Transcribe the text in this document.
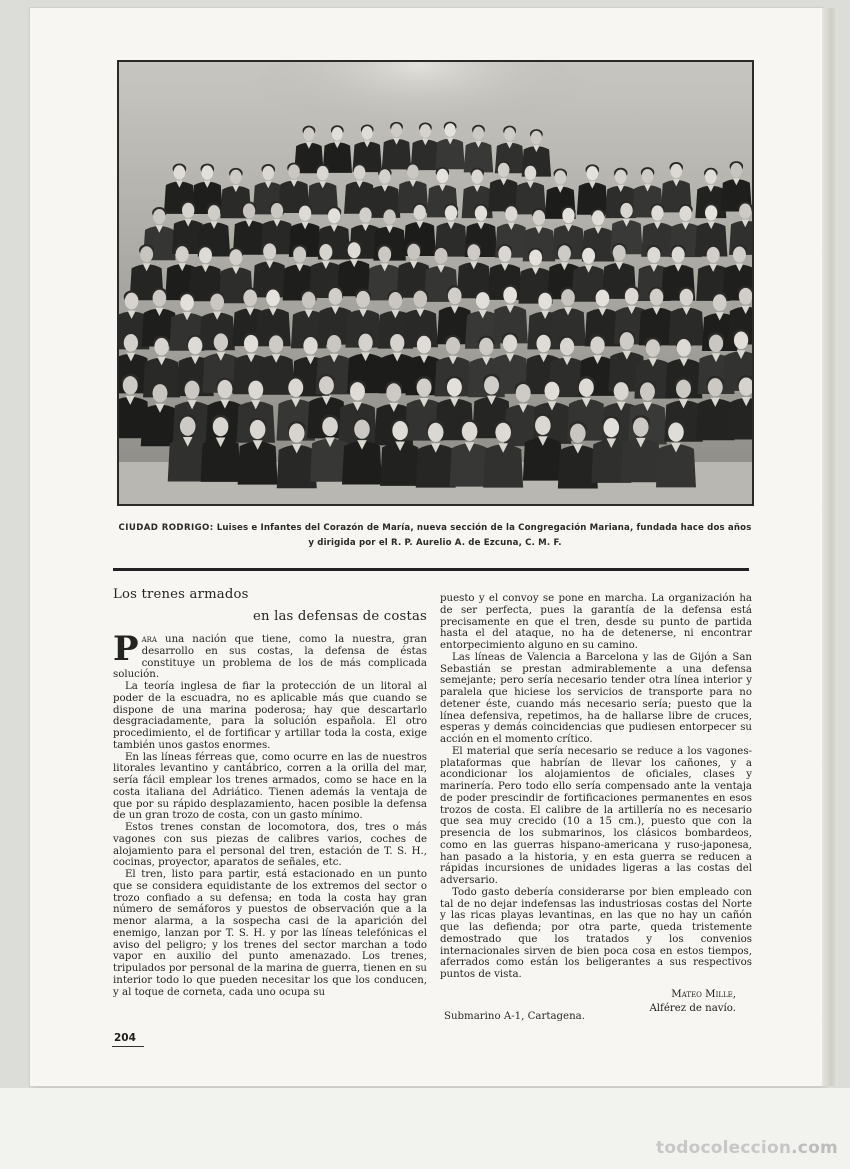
CIUDAD RODRIGO: Luises e Infantes del Corazón de María, nueva sección de la Congregación Mariana, fundada hace dos años
y dirigida por el R. P. Aurelio A. de Ezcuna, C. M. F.
Los trenes armados
en las defensas de costas

Para una nación que tiene, como la nuestra, gran desarrollo en sus costas, la defensa de éstas constituye un problema de los de más complicada solución.

La teoría inglesa de fiar la protección de un litoral al poder de la escuadra, no es aplicable más que cuando se dispone de una marina poderosa; hay que descartarlo desgraciadamente, para la solución española. El otro procedimiento, el de fortificar y artillar toda la costa, exige también unos gastos enormes.

En las líneas férreas que, como ocurre en las de nuestros litorales levantino y cantábrico, corren a la orilla del mar, sería fácil emplear los trenes armados, como se hace en la costa italiana del Adriático. Tienen además la ventaja de que por su rápido desplazamiento, hacen posible la defensa de un gran trozo de costa, con un gasto mínimo.

Estos trenes constan de locomotora, dos, tres o más vagones con sus piezas de calibres varios, coches de alojamiento para el personal del tren, estación de T. S. H., cocinas, proyector, aparatos de señales, etc.

El tren, listo para partir, está estacionado en un punto que se considera equidistante de los extremos del sector o trozo confiado a su defensa; en toda la costa hay gran número de semáforos y puestos de observación que a la menor alarma, a la sospecha casi de la aparición del enemigo, lanzan por T. S. H. y por las líneas telefónicas el aviso del peligro; y los trenes del sector marchan a todo vapor en auxilio del punto amenazado. Los trenes, tripulados por personal de la marina de guerra, tienen en su interior todo lo que pueden necesitar los que los conducen, y al toque de corneta, cada uno ocupa su

puesto y el convoy se pone en marcha. La organización ha de ser perfecta, pues la garantía de la defensa está precisamente en que el tren, desde su punto de partida hasta el del ataque, no ha de detenerse, ni encontrar entorpecimiento alguno en su camino.

Las líneas de Valencia a Barcelona y las de Gijón a San Sebastián se prestan admirablemente a una defensa semejante; pero sería necesario tender otra línea interior y paralela que hiciese los servicios de transporte para no detener éste, cuando más necesario sería; puesto que la línea defensiva, repetimos, ha de hallarse libre de cruces, esperas y demás coincidencias que pudiesen entorpecer su acción en el momento crítico.

El material que sería necesario se reduce a los vagones-plataformas que habrían de llevar los cañones, y a acondicionar los alojamientos de oficiales, clases y marinería. Pero todo ello sería compensado ante la ventaja de poder prescindir de fortificaciones permanentes en esos trozos de costa. El calibre de la artillería no es necesario que sea muy crecido (10 a 15 cm.), puesto que con la presencia de los submarinos, los clásicos bombardeos, como en las guerras hispano-americana y ruso-japonesa, han pasado a la historia, y en esta guerra se reducen a rápidas incursiones de unidades ligeras a las costas del adversario.

Todo gasto debería considerarse por bien empleado con tal de no dejar indefensas las industriosas costas del Norte y las ricas playas levantinas, en las que no hay un cañón que las defienda; por otra parte, queda tristemente demostrado que los tratados y los convenios internacionales sirven de bien poca cosa en estos tiempos, aferrados como están los beligerantes a sus respectivos puntos de vista.

Mateo Mille,
Alférez de navío.
Submarino A-1, Cartagena.
204
todocoleccion.com
